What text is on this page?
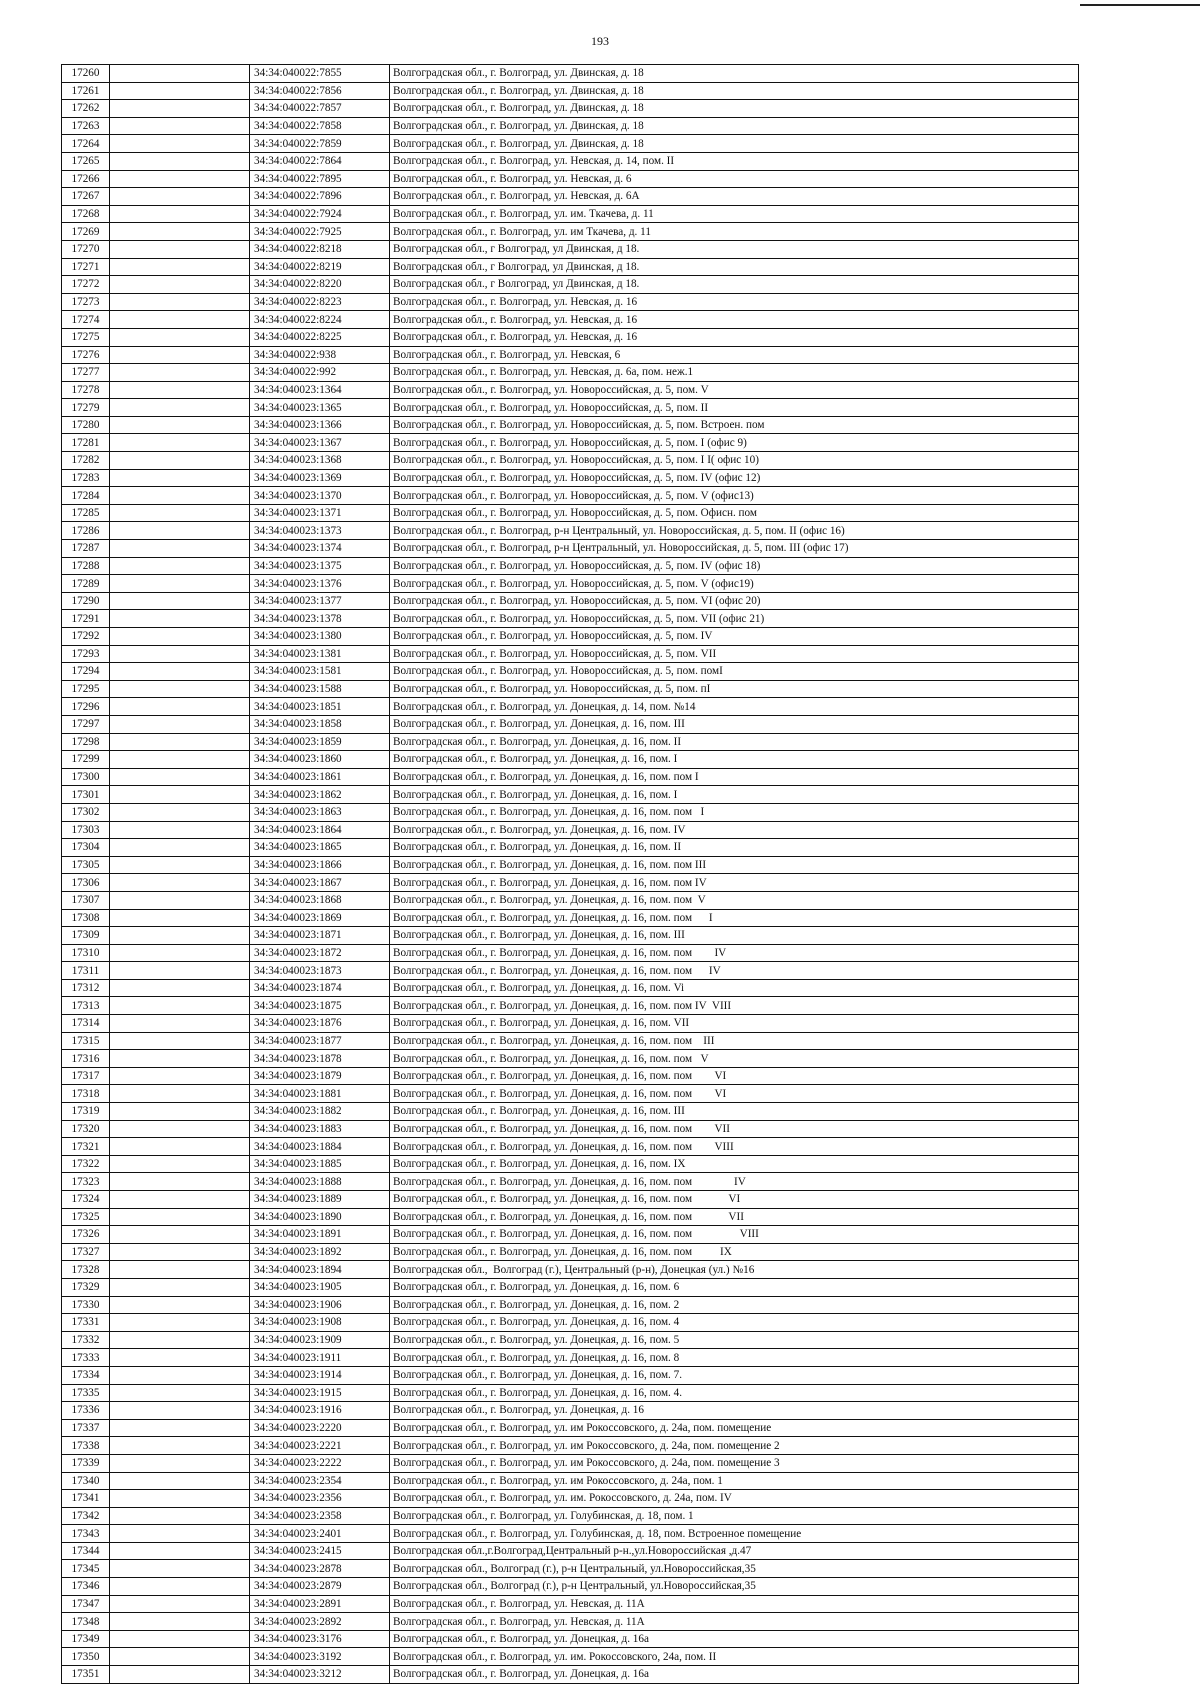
193
17260		34:34:040022:7855	Волгоградская обл., г. Волгоград, ул. Двинская, д. 18
17261		34:34:040022:7856	Волгоградская обл., г. Волгоград, ул. Двинская, д. 18
17262		34:34:040022:7857	Волгоградская обл., г. Волгоград, ул. Двинская, д. 18
17263		34:34:040022:7858	Волгоградская обл., г. Волгоград, ул. Двинская, д. 18
17264		34:34:040022:7859	Волгоградская обл., г. Волгоград, ул. Двинская, д. 18
17265		34:34:040022:7864	Волгоградская обл., г. Волгоград, ул. Невская, д. 14, пом. II
17266		34:34:040022:7895	Волгоградская обл., г. Волгоград, ул. Невская, д. 6
17267		34:34:040022:7896	Волгоградская обл., г. Волгоград, ул. Невская, д. 6А
17268		34:34:040022:7924	Волгоградская обл., г. Волгоград, ул. им. Ткачева, д. 11
17269		34:34:040022:7925	Волгоградская обл., г. Волгоград, ул. им Ткачева, д. 11
17270		34:34:040022:8218	Волгоградская обл., г Волгоград, ул Двинская, д 18.
17271		34:34:040022:8219	Волгоградская обл., г Волгоград, ул Двинская, д 18.
17272		34:34:040022:8220	Волгоградская обл., г Волгоград, ул Двинская, д 18.
17273		34:34:040022:8223	Волгоградская обл., г. Волгоград, ул. Невская, д. 16
17274		34:34:040022:8224	Волгоградская обл., г. Волгоград, ул. Невская, д. 16
17275		34:34:040022:8225	Волгоградская обл., г. Волгоград, ул. Невская, д. 16
17276		34:34:040022:938	Волгоградская обл., г. Волгоград, ул. Невская, 6
17277		34:34:040022:992	Волгоградская обл., г. Волгоград, ул. Невская, д. 6а, пом. неж.1
17278		34:34:040023:1364	Волгоградская обл., г. Волгоград, ул. Новороссийская, д. 5, пом. V
17279		34:34:040023:1365	Волгоградская обл., г. Волгоград, ул. Новороссийская, д. 5, пом. II
17280		34:34:040023:1366	Волгоградская обл., г. Волгоград, ул. Новороссийская, д. 5, пом. Встроен. пом
17281		34:34:040023:1367	Волгоградская обл., г. Волгоград, ул. Новороссийская, д. 5, пом. I (офис 9)
17282		34:34:040023:1368	Волгоградская обл., г. Волгоград, ул. Новороссийская, д. 5, пом. I I( офис 10)
17283		34:34:040023:1369	Волгоградская обл., г. Волгоград, ул. Новороссийская, д. 5, пом. IV (офис 12)
17284		34:34:040023:1370	Волгоградская обл., г. Волгоград, ул. Новороссийская, д. 5, пом. V (офис13)
17285		34:34:040023:1371	Волгоградская обл., г. Волгоград, ул. Новороссийская, д. 5, пом. Офисн. пом
17286		34:34:040023:1373	Волгоградская обл., г. Волгоград, р-н Центральный, ул. Новороссийская, д. 5, пом. II (офис 16)
17287		34:34:040023:1374	Волгоградская обл., г. Волгоград, р-н Центральный, ул. Новороссийская, д. 5, пом. III (офис 17)
17288		34:34:040023:1375	Волгоградская обл., г. Волгоград, ул. Новороссийская, д. 5, пом. IV (офис 18)
17289		34:34:040023:1376	Волгоградская обл., г. Волгоград, ул. Новороссийская, д. 5, пом. V (офис19)
17290		34:34:040023:1377	Волгоградская обл., г. Волгоград, ул. Новороссийская, д. 5, пом. VI (офис 20)
17291		34:34:040023:1378	Волгоградская обл., г. Волгоград, ул. Новороссийская, д. 5, пом. VII (офис 21)
17292		34:34:040023:1380	Волгоградская обл., г. Волгоград, ул. Новороссийская, д. 5, пом. IV
17293		34:34:040023:1381	Волгоградская обл., г. Волгоград, ул. Новороссийская, д. 5, пом. VII
17294		34:34:040023:1581	Волгоградская обл., г. Волгоград, ул. Новороссийская, д. 5, пом. помI
17295		34:34:040023:1588	Волгоградская обл., г. Волгоград, ул. Новороссийская, д. 5, пом. пI
17296		34:34:040023:1851	Волгоградская обл., г. Волгоград, ул. Донецкая, д. 14, пом. №14
17297		34:34:040023:1858	Волгоградская обл., г. Волгоград, ул. Донецкая, д. 16, пом. III
17298		34:34:040023:1859	Волгоградская обл., г. Волгоград, ул. Донецкая, д. 16, пом. II
17299		34:34:040023:1860	Волгоградская обл., г. Волгоград, ул. Донецкая, д. 16, пом. I
17300		34:34:040023:1861	Волгоградская обл., г. Волгоград, ул. Донецкая, д. 16, пом. пом I
17301		34:34:040023:1862	Волгоградская обл., г. Волгоград, ул. Донецкая, д. 16, пом. I
17302		34:34:040023:1863	Волгоградская обл., г. Волгоград, ул. Донецкая, д. 16, пом. пом   I
17303		34:34:040023:1864	Волгоградская обл., г. Волгоград, ул. Донецкая, д. 16, пом. IV
17304		34:34:040023:1865	Волгоградская обл., г. Волгоград, ул. Донецкая, д. 16, пом. II
17305		34:34:040023:1866	Волгоградская обл., г. Волгоград, ул. Донецкая, д. 16, пом. пом III
17306		34:34:040023:1867	Волгоградская обл., г. Волгоград, ул. Донецкая, д. 16, пом. пом IV
17307		34:34:040023:1868	Волгоградская обл., г. Волгоград, ул. Донецкая, д. 16, пом. пом  V
17308		34:34:040023:1869	Волгоградская обл., г. Волгоград, ул. Донецкая, д. 16, пом. пом      I
17309		34:34:040023:1871	Волгоградская обл., г. Волгоград, ул. Донецкая, д. 16, пом. III
17310		34:34:040023:1872	Волгоградская обл., г. Волгоград, ул. Донецкая, д. 16, пом. пом        IV
17311		34:34:040023:1873	Волгоградская обл., г. Волгоград, ул. Донецкая, д. 16, пом. пом      IV
17312		34:34:040023:1874	Волгоградская обл., г. Волгоград, ул. Донецкая, д. 16, пом. Vi
17313		34:34:040023:1875	Волгоградская обл., г. Волгоград, ул. Донецкая, д. 16, пом. пом IV  VIII
17314		34:34:040023:1876	Волгоградская обл., г. Волгоград, ул. Донецкая, д. 16, пом. VII
17315		34:34:040023:1877	Волгоградская обл., г. Волгоград, ул. Донецкая, д. 16, пом. пом    III
17316		34:34:040023:1878	Волгоградская обл., г. Волгоград, ул. Донецкая, д. 16, пом. пом   V
17317		34:34:040023:1879	Волгоградская обл., г. Волгоград, ул. Донецкая, д. 16, пом. пом        VI
17318		34:34:040023:1881	Волгоградская обл., г. Волгоград, ул. Донецкая, д. 16, пом. пом        VI
17319		34:34:040023:1882	Волгоградская обл., г. Волгоград, ул. Донецкая, д. 16, пом. III
17320		34:34:040023:1883	Волгоградская обл., г. Волгоград, ул. Донецкая, д. 16, пом. пом        VII
17321		34:34:040023:1884	Волгоградская обл., г. Волгоград, ул. Донецкая, д. 16, пом. пом        VIII
17322		34:34:040023:1885	Волгоградская обл., г. Волгоград, ул. Донецкая, д. 16, пом. IX
17323		34:34:040023:1888	Волгоградская обл., г. Волгоград, ул. Донецкая, д. 16, пом. пом               IV
17324		34:34:040023:1889	Волгоградская обл., г. Волгоград, ул. Донецкая, д. 16, пом. пом             VI
17325		34:34:040023:1890	Волгоградская обл., г. Волгоград, ул. Донецкая, д. 16, пом. пом             VII
17326		34:34:040023:1891	Волгоградская обл., г. Волгоград, ул. Донецкая, д. 16, пом. пом                 VIII
17327		34:34:040023:1892	Волгоградская обл., г. Волгоград, ул. Донецкая, д. 16, пом. пом          IX
17328		34:34:040023:1894	Волгоградская обл.,  Волгоград (г.), Центральный (р-н), Донецкая (ул.) №16
17329		34:34:040023:1905	Волгоградская обл., г. Волгоград, ул. Донецкая, д. 16, пом. 6
17330		34:34:040023:1906	Волгоградская обл., г. Волгоград, ул. Донецкая, д. 16, пом. 2
17331		34:34:040023:1908	Волгоградская обл., г. Волгоград, ул. Донецкая, д. 16, пом. 4
17332		34:34:040023:1909	Волгоградская обл., г. Волгоград, ул. Донецкая, д. 16, пом. 5
17333		34:34:040023:1911	Волгоградская обл., г. Волгоград, ул. Донецкая, д. 16, пом. 8
17334		34:34:040023:1914	Волгоградская обл., г. Волгоград, ул. Донецкая, д. 16, пом. 7.
17335		34:34:040023:1915	Волгоградская обл., г. Волгоград, ул. Донецкая, д. 16, пом. 4.
17336		34:34:040023:1916	Волгоградская обл., г. Волгоград, ул. Донецкая, д. 16
17337		34:34:040023:2220	Волгоградская обл., г. Волгоград, ул. им Рокоссовского, д. 24а, пом. помещение
17338		34:34:040023:2221	Волгоградская обл., г. Волгоград, ул. им Рокоссовского, д. 24а, пом. помещение 2
17339		34:34:040023:2222	Волгоградская обл., г. Волгоград, ул. им Рокоссовского, д. 24а, пом. помещение 3
17340		34:34:040023:2354	Волгоградская обл., г. Волгоград, ул. им Рокоссовского, д. 24а, пом. 1
17341		34:34:040023:2356	Волгоградская обл., г. Волгоград, ул. им. Рокоссовского, д. 24а, пом. IV
17342		34:34:040023:2358	Волгоградская обл., г. Волгоград, ул. Голубинская, д. 18, пом. 1
17343		34:34:040023:2401	Волгоградская обл., г. Волгоград, ул. Голубинская, д. 18, пом. Встроенное помещение
17344		34:34:040023:2415	Волгоградская обл.,г.Волгоград,Центральный р-н.,ул.Новороссийская ,д.47
17345		34:34:040023:2878	Волгоградская обл., Волгоград (г.), р-н Центральный, ул.Новороссийская,35
17346		34:34:040023:2879	Волгоградская обл., Волгоград (г.), р-н Центральный, ул.Новороссийская,35
17347		34:34:040023:2891	Волгоградская обл., г. Волгоград, ул. Невская, д. 11А
17348		34:34:040023:2892	Волгоградская обл., г. Волгоград, ул. Невская, д. 11А
17349		34:34:040023:3176	Волгоградская обл., г. Волгоград, ул. Донецкая, д. 16а
17350		34:34:040023:3192	Волгоградская обл., г. Волгоград, ул. им. Рокоссовского, 24а, пом. II
17351		34:34:040023:3212	Волгоградская обл., г. Волгоград, ул. Донецкая, д. 16а
